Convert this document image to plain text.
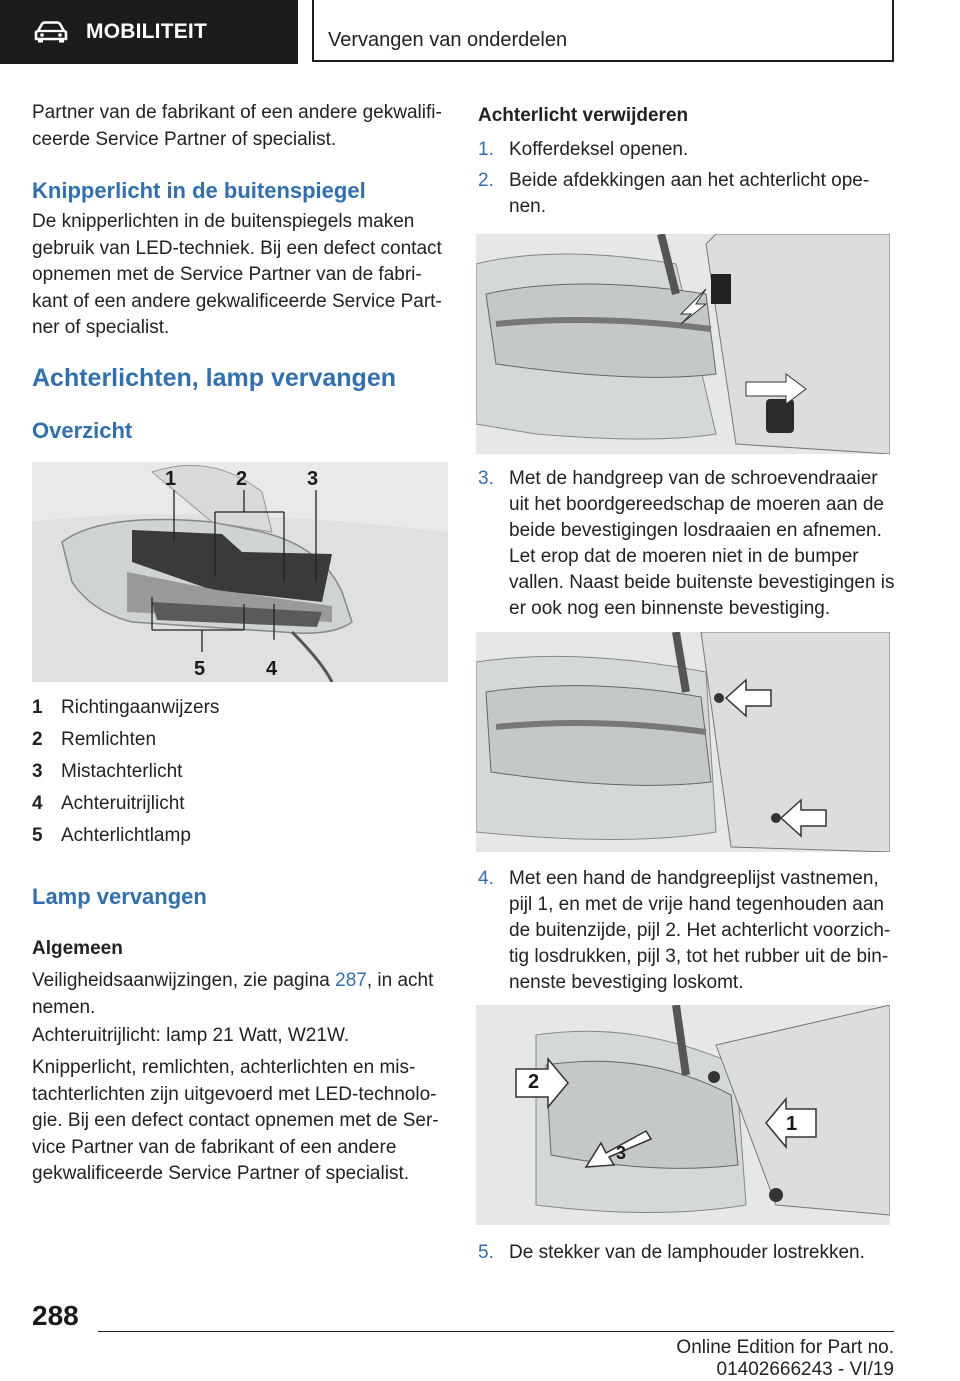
MOBILITEIT	Vervangen van onderdelen
Partner van de fabrikant of een andere gekwalifi‐
ceerde Service Partner of specialist.
Knipperlicht in de buitenspiegel
De knipperlichten in de buitenspiegels maken
gebruik van LED-techniek. Bij een defect contact
opnemen met de Service Partner van de fabri‐
kant of een andere gekwalificeerde Service Part‐
ner of specialist.
Achterlichten, lamp vervangen
Overzicht
1	2	3
4
5
1 Richtingaanwijzers
2 Remlichten
3 Mistachterlicht
4 Achteruitrijlicht
5 Achterlichtlamp
Lamp vervangen
Algemeen
Veiligheidsaanwijzingen, zie pagina 287, in acht
nemen.
Achteruitrijlicht: lamp 21 Watt, W21W.
Knipperlicht, remlichten, achterlichten en mis‐
tachterlichten zijn uitgevoerd met LED-technolo‐
gie. Bij een defect contact opnemen met de Ser‐
vice Partner van de fabrikant of een andere
gekwalificeerde Service Partner of specialist.
Achterlicht verwijderen
1. Kofferdeksel openen.
2. Beide afdekkingen aan het achterlicht ope‐
nen.
3. Met de handgreep van de schroevendraaier
uit het boordgereedschap de moeren aan de
beide bevestigingen losdraaien en afnemen.
Let erop dat de moeren niet in de bumper
vallen. Naast beide buitenste bevestigingen is
er ook nog een binnenste bevestiging.
4. Met een hand de handgreeplijst vastnemen,
pijl 1, en met de vrije hand tegenhouden aan
de buitenzijde, pijl 2. Het achterlicht voorzich‐
tig losdrukken, pijl 3, tot het rubber uit de bin‐
nenste bevestiging loskomt.
2
1
3
5. De stekker van de lamphouder lostrekken.
288
Online Edition for Part no. 01402666243 - VI/19
